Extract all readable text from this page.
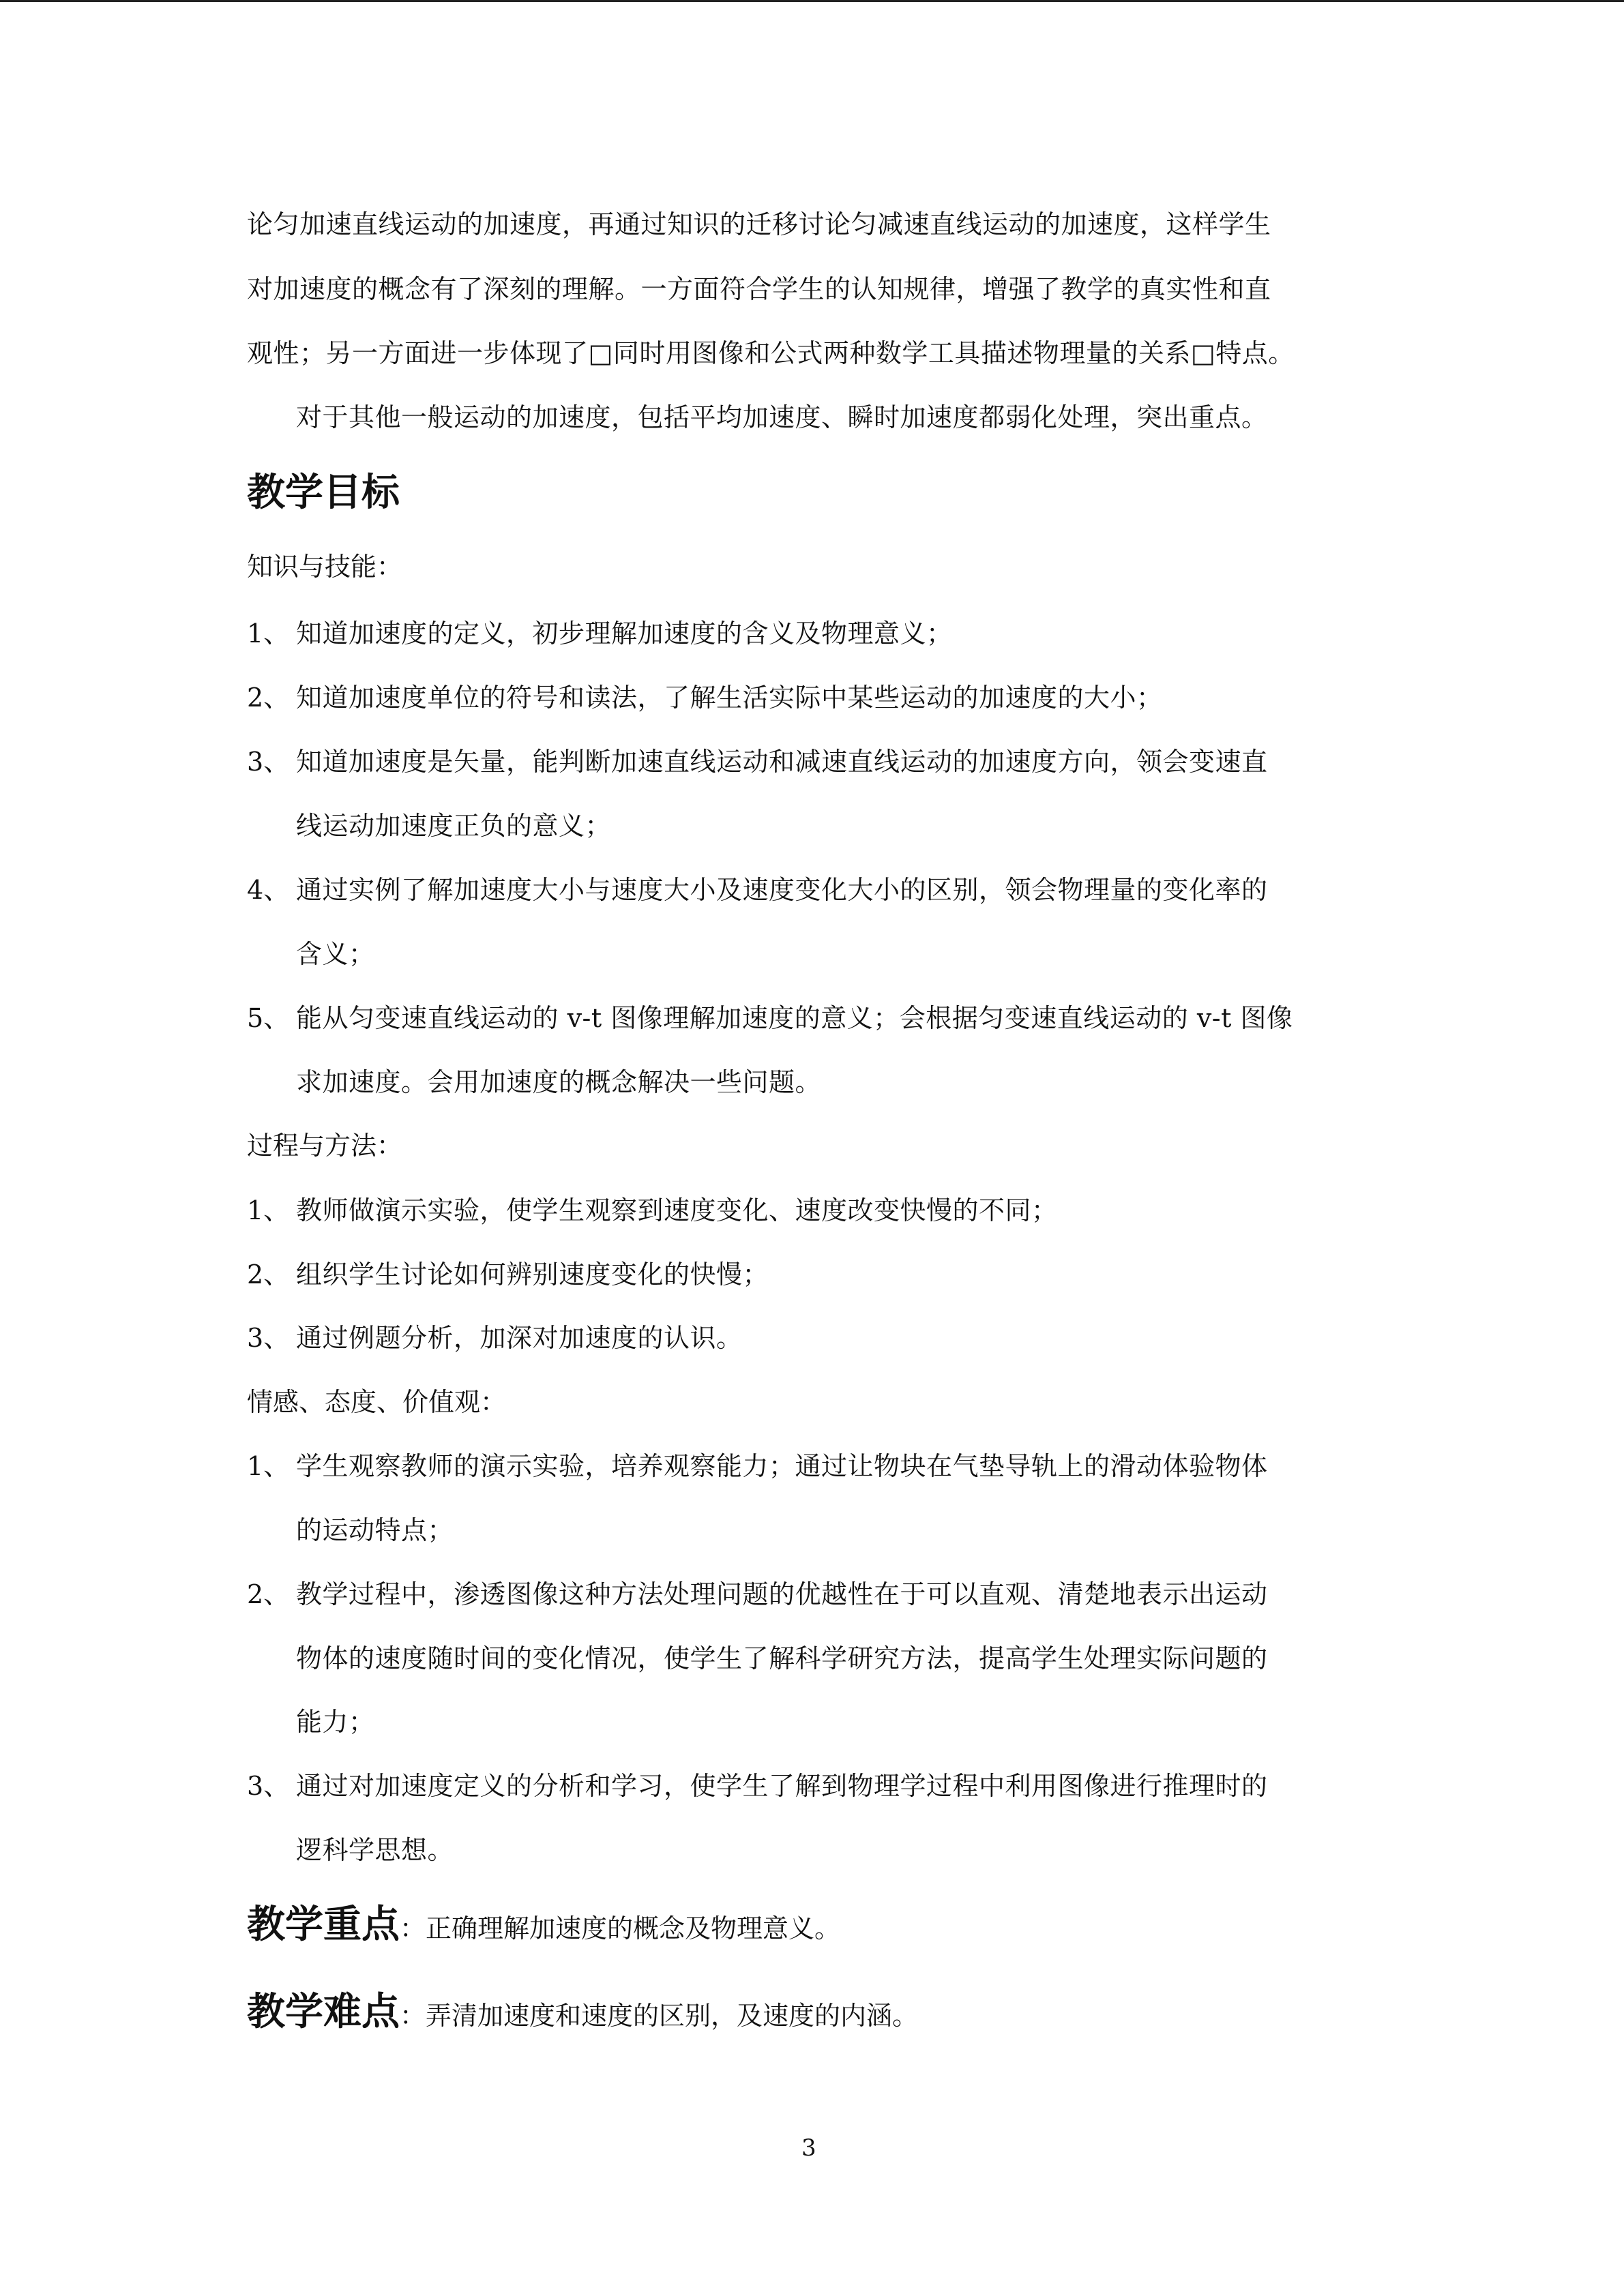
论匀加速直线运动的加速度，再通过知识的迁移讨论匀减速直线运动的加速度，这样学生
对加速度的概念有了深刻的理解。一方面符合学生的认知规律，增强了教学的真实性和直
观性；另一方面进一步体现了□同时用图像和公式两种数学工具描述物理量的关系□特点。
对于其他一般运动的加速度，包括平均加速度、瞬时加速度都弱化处理，突出重点。
教学目标
知识与技能：
1、 知道加速度的定义，初步理解加速度的含义及物理意义；
2、 知道加速度单位的符号和读法，了解生活实际中某些运动的加速度的大小；
3、 知道加速度是矢量，能判断加速直线运动和减速直线运动的加速度方向，领会变速直
线运动加速度正负的意义；
4、 通过实例了解加速度大小与速度大小及速度变化大小的区别，领会物理量的变化率的
含义；
5、 能从匀变速直线运动的 v-t 图像理解加速度的意义；会根据匀变速直线运动的 v-t 图像
求加速度。会用加速度的概念解决一些问题。
过程与方法：
1、 教师做演示实验，使学生观察到速度变化、速度改变快慢的不同；
2、 组织学生讨论如何辨别速度变化的快慢；
3、 通过例题分析，加深对加速度的认识。
情感、态度、价值观：
1、 学生观察教师的演示实验，培养观察能力；通过让物块在气垫导轨上的滑动体验物体
的运动特点；
2、 教学过程中，渗透图像这种方法处理问题的优越性在于可以直观、清楚地表示出运动
物体的速度随时间的变化情况，使学生了解科学研究方法，提高学生处理实际问题的
能力；
3、 通过对加速度定义的分析和学习，使学生了解到物理学过程中利用图像进行推理时的
逻科学思想。
教学重点：正确理解加速度的概念及物理意义。
教学难点：弄清加速度和速度的区别，及速度的内涵。
3
